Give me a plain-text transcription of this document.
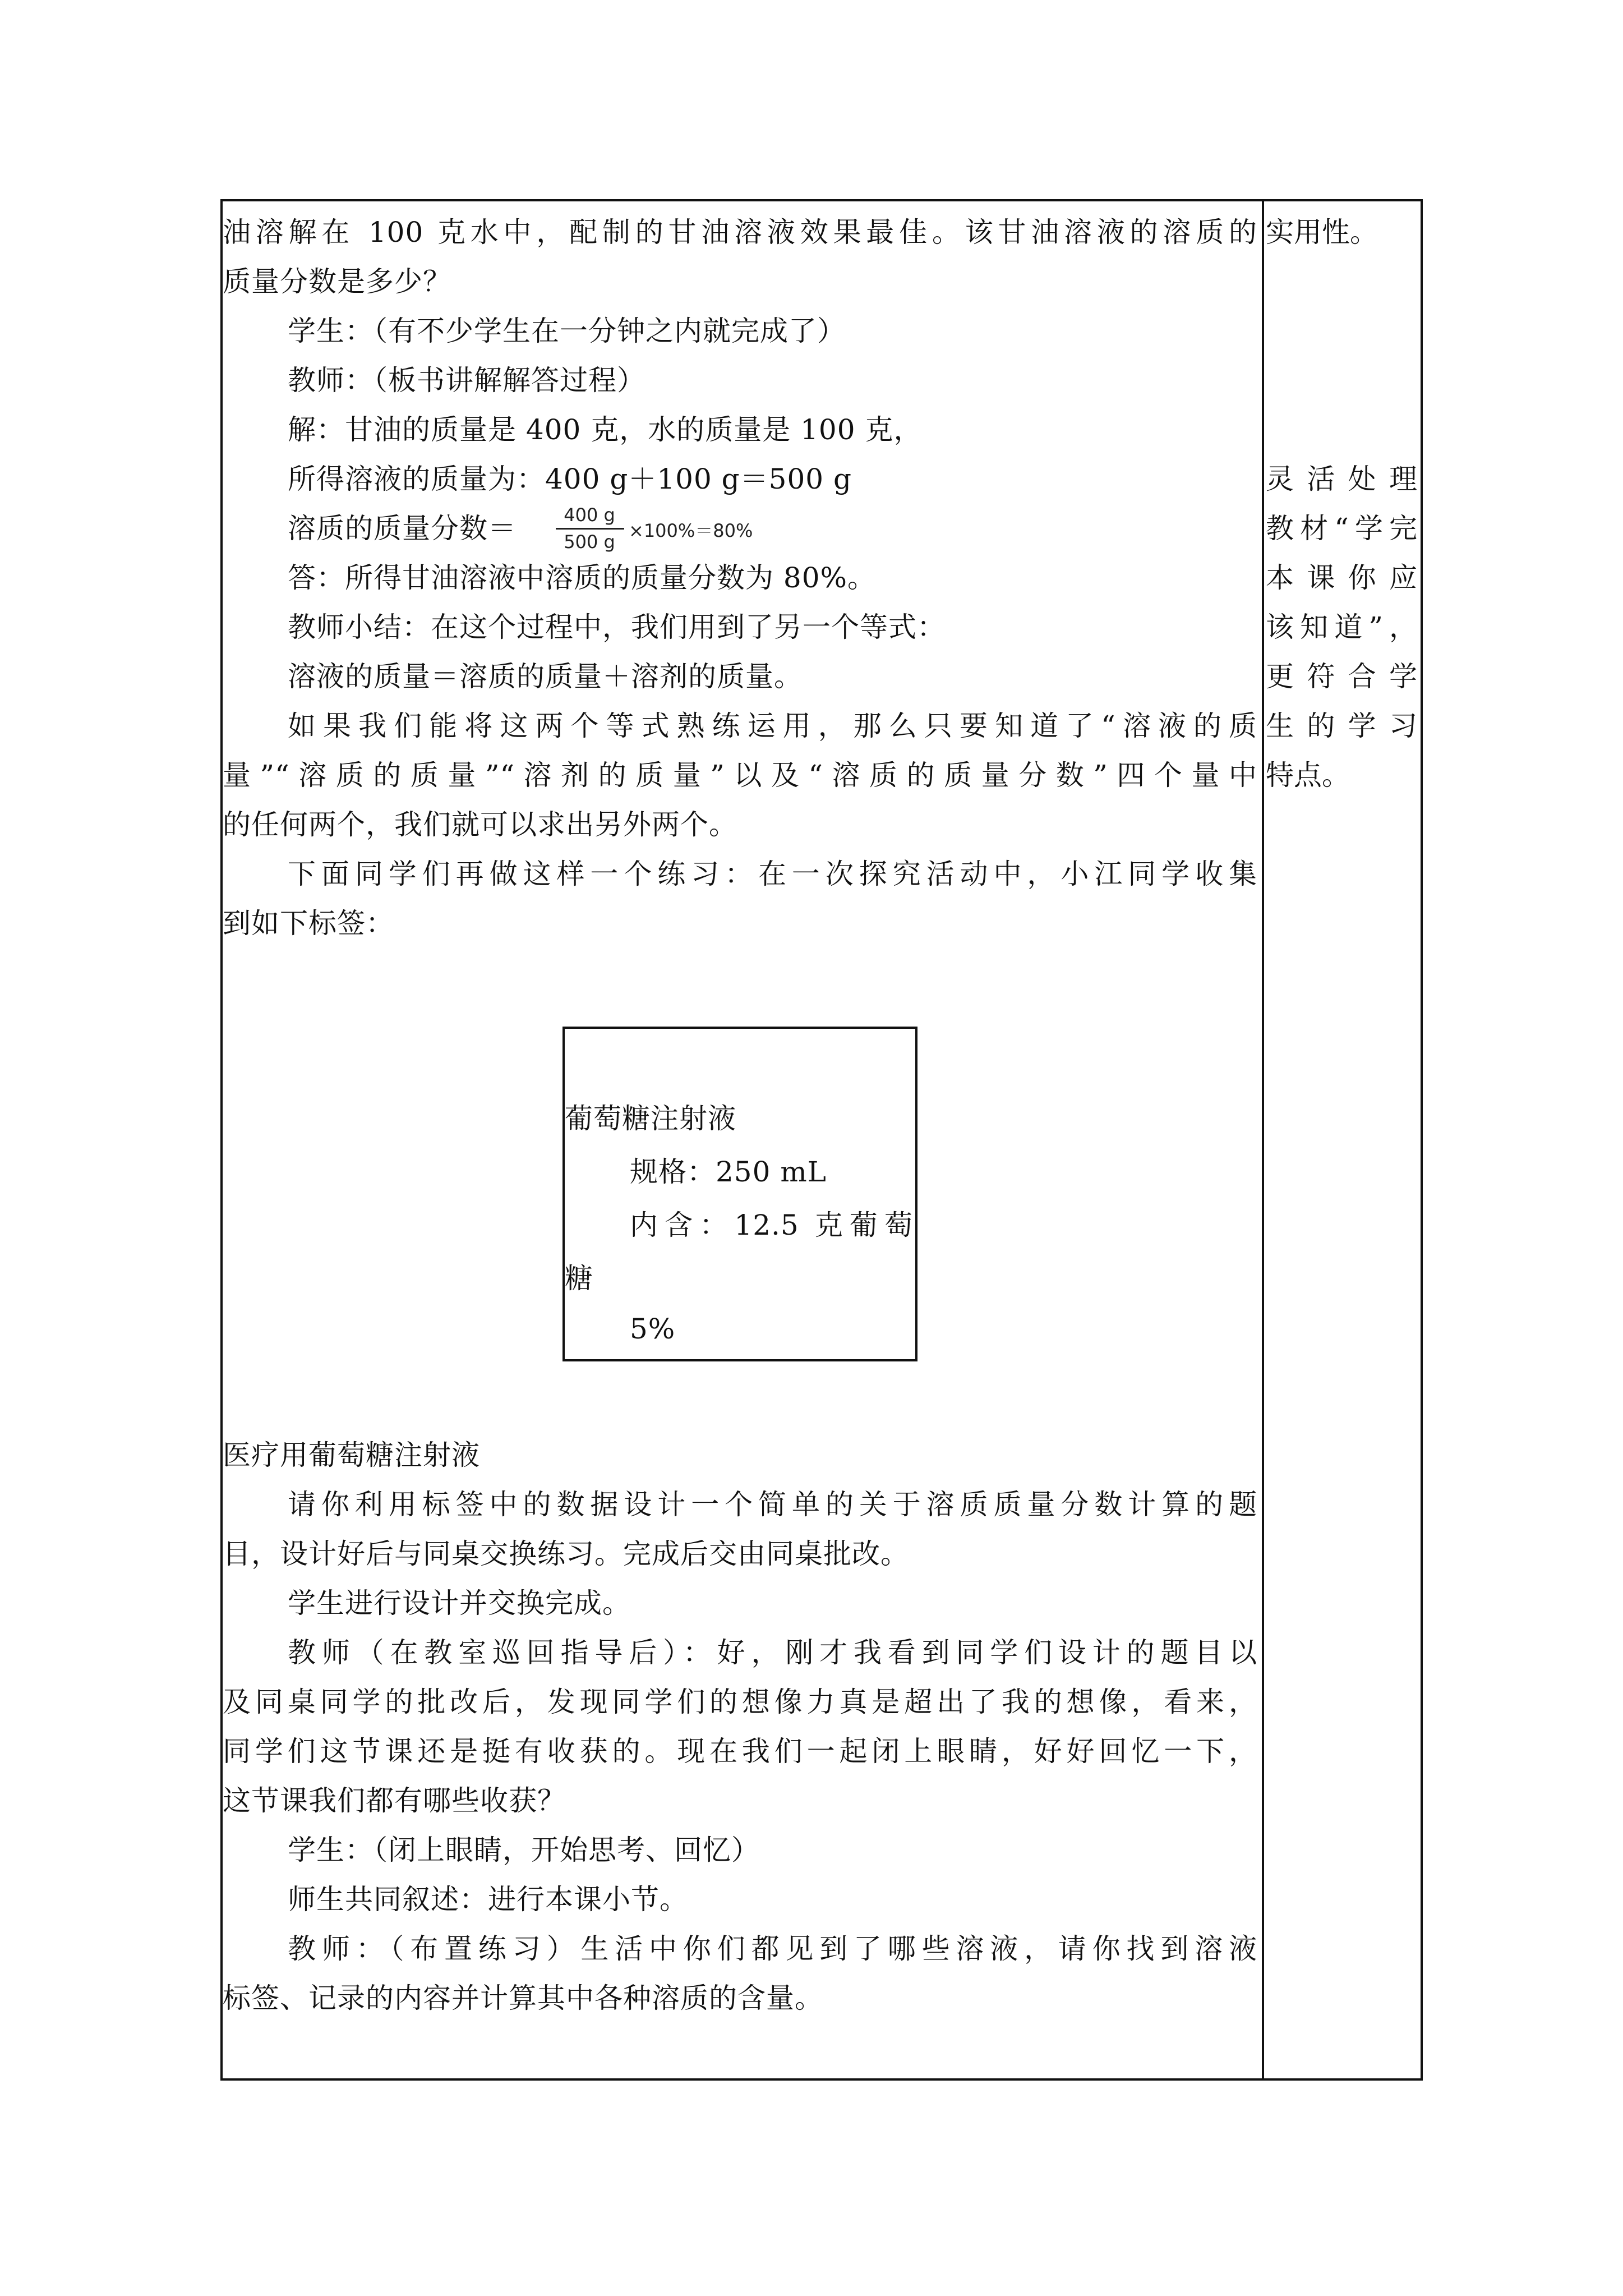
油溶解在 100 克水中，配制的甘油溶液效果最佳。该甘油溶液的溶质的
质量分数是多少？
学生：（有不少学生在一分钟之内就完成了）
教师：（板书讲解解答过程）
解：甘油的质量是 400 克，水的质量是 100 克，
所得溶液的质量为：400 g＋100 g＝500 g
溶质的质量分数＝	400 g
500 g
×100%＝80%
答：所得甘油溶液中溶质的质量分数为 80%。
教师小结：在这个过程中，我们用到了另一个等式：
溶液的质量＝溶质的质量＋溶剂的质量。
如果我们能将这两个等式熟练运用，那么只要知道了“溶液的质
量”“溶质的质量”“溶剂的质量”以及“溶质的质量分数”四个量中
的任何两个，我们就可以求出另外两个。
下面同学们再做这样一个练习：在一次探究活动中，小江同学收集
到如下标签：
医疗用葡萄糖注射液
请你利用标签中的数据设计一个简单的关于溶质质量分数计算的题
目，设计好后与同桌交换练习。完成后交由同桌批改。
学生进行设计并交换完成。
教师（在教室巡回指导后）：好，刚才我看到同学们设计的题目以
及同桌同学的批改后，发现同学们的想像力真是超出了我的想像，看来，
同学们这节课还是挺有收获的。现在我们一起闭上眼睛，好好回忆一下，
这节课我们都有哪些收获？
学生：（闭上眼睛，开始思考、回忆）
师生共同叙述：进行本课小节。
教师：（布置练习）生活中你们都见到了哪些溶液，请你找到溶液
标签、记录的内容并计算其中各种溶质的含量。
实用性。
灵活处理
教材“学完
本课你应
该知道”，
更符合学
生的学习
特点。
葡萄糖注射液
规格：250 mL
内含：12.5 克葡萄
糖
5%
